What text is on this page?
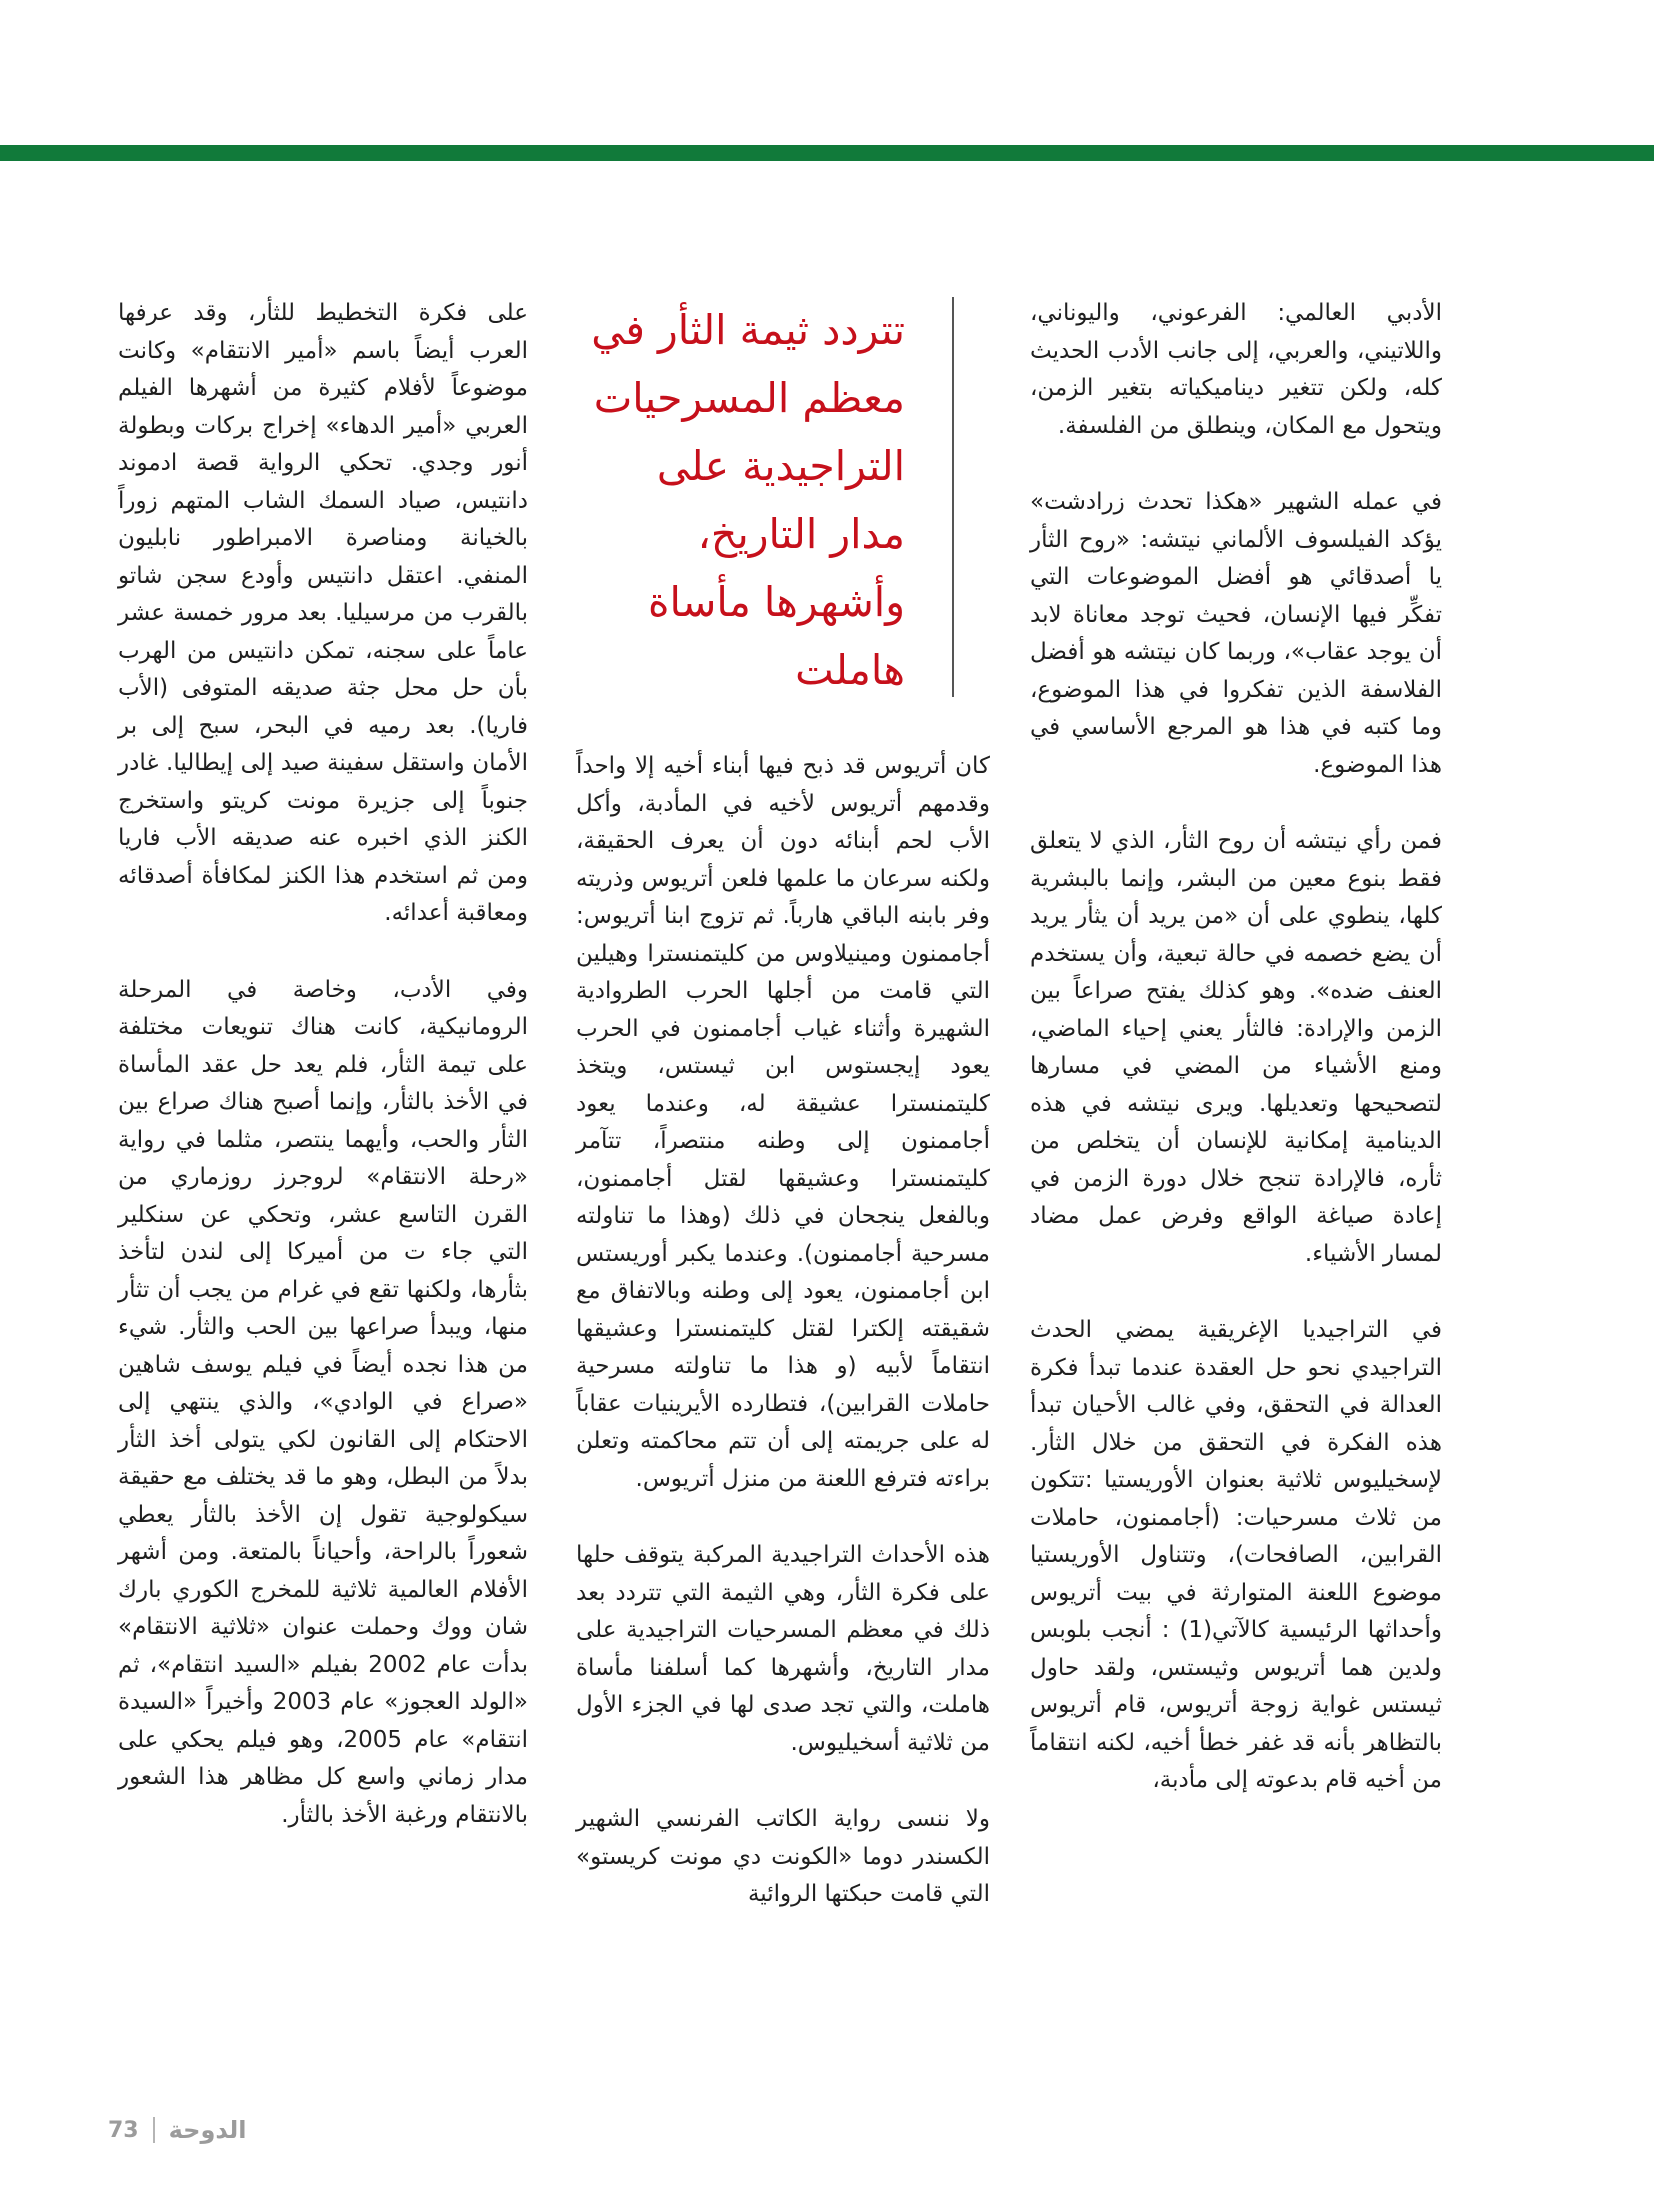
الأدبي العالمي: الفرعوني، واليوناني، واللاتيني، والعربي، إلى جانب الأدب الحديث كله، ولكن تتغير ديناميكياته بتغير الزمن، ويتحول مع المكان، وينطلق من الفلسفة.

في عمله الشهير «هكذا تحدث زرادشت» يؤكد الفيلسوف الألماني نيتشه: «روح الثأر يا أصدقائي هو أفضل الموضوعات التي تفكِّر فيها الإنسان، فحيث توجد معاناة لابد أن يوجد عقاب»، وربما كان نيتشه هو أفضل الفلاسفة الذين تفكروا في هذا الموضوع، وما كتبه في هذا هو المرجع الأساسي في هذا الموضوع.

فمن رأي نيتشه أن روح الثأر، الذي لا يتعلق فقط بنوع معين من البشر، وإنما بالبشرية كلها، ينطوي على أن «من يريد أن يثأر يريد أن يضع خصمه في حالة تبعية، وأن يستخدم العنف ضده». وهو كذلك يفتح صراعاً بين الزمن والإرادة: فالثأر يعني إحياء الماضي، ومنع الأشياء من المضي في مسارها لتصحيحها وتعديلها. ويرى نيتشه في هذه الدينامية إمكانية للإنسان أن يتخلص من ثأره، فالإرادة تنجح خلال دورة الزمن في إعادة صياغة الواقع وفرض عمل مضاد لمسار الأشياء.

في التراجيديا الإغريقية يمضي الحدث التراجيدي نحو حل العقدة عندما تبدأ فكرة العدالة في التحقق، وفي غالب الأحيان تبدأ هذه الفكرة في التحقق من خلال الثأر. لإسخيليوس ثلاثية بعنوان الأوريستيا :تتكون من ثلاث مسرحيات: (أجاممنون، حاملات القرابين، الصافحات)، وتتناول الأوريستيا موضوع اللعنة المتوارثة في بيت أتريوس وأحداثها الرئيسية كالآتي(1) : أنجب بلوبس ولدين هما أتريوس وثيستس، ولقد حاول ثيستس غواية زوجة أتريوس، قام أتريوس بالتظاهر بأنه قد غفر خطأ أخيه، لكنه انتقاماً من أخيه قام بدعوته إلى مأدبة،

تتردد ثيمة الثأر في معظم المسرحيات التراجيدية على مدار التاريخ، وأشهرها مأساة هاملت

كان أتريوس قد ذبح فيها أبناء أخيه إلا واحداً وقدمهم أتريوس لأخيه في المأدبة، وأكل الأب لحم أبنائه دون أن يعرف الحقيقة، ولكنه سرعان ما علمها فلعن أتريوس وذريته وفر بابنه الباقي هارباً. ثم تزوج ابنا أتريوس: أجاممنون ومينيلاوس من كليتمنسترا وهيلين التي قامت من أجلها الحرب الطروادية الشهيرة وأثناء غياب أجاممنون في الحرب يعود إيجستوس ابن ثيستس، ويتخذ كليتمنسترا عشيقة له، وعندما يعود أجاممنون إلى وطنه منتصراً، تتآمر كليتمنسترا وعشيقها لقتل أجاممنون، وبالفعل ينجحان في ذلك (وهذا ما تناولته مسرحية أجاممنون). وعندما يكبر أوريستس ابن أجاممنون، يعود إلى وطنه وبالاتفاق مع شقيقته إلكترا لقتل كليتمنسترا وعشيقها انتقاماً لأبيه (و هذا ما تناولته مسرحية حاملات القرابين)، فتطارده الأيرينيات عقاباً له على جريمته إلى أن تتم محاكمته وتعلن براءته فترفع اللعنة من منزل أتريوس.

هذه الأحداث التراجيدية المركبة يتوقف حلها على فكرة الثأر، وهي الثيمة التي تتردد بعد ذلك في معظم المسرحيات التراجيدية على مدار التاريخ، وأشهرها كما أسلفنا مأساة هاملت، والتي تجد صدى لها في الجزء الأول من ثلاثية أسخيليوس.

ولا ننسى رواية الكاتب الفرنسي الشهير الكسندر دوما «الكونت دي مونت كريستو» التي قامت حبكتها الروائية

على فكرة التخطيط للثأر، وقد عرفها العرب أيضاً باسم «أمير الانتقام» وكانت موضوعاً لأفلام كثيرة من أشهرها الفيلم العربي «أمير الدهاء» إخراج بركات وبطولة أنور وجدي. تحكي الرواية قصة ادموند دانتيس، صياد السمك الشاب المتهم زوراً بالخيانة ومناصرة الامبراطور نابليون المنفي. اعتقل دانتيس وأودع سجن شاتو بالقرب من مرسيليا. بعد مرور خمسة عشر عاماً على سجنه، تمكن دانتيس من الهرب بأن حل محل جثة صديقه المتوفى (الأب فاريا). بعد رميه في البحر، سبح إلى بر الأمان واستقل سفينة صيد إلى إيطاليا. غادر جنوباً إلى جزيرة مونت كريتو واستخرج الكنز الذي اخبره عنه صديقه الأب فاريا ومن ثم استخدم هذا الكنز لمكافأة أصدقائه ومعاقبة أعدائه.

وفي الأدب، وخاصة في المرحلة الرومانيكية، كانت هناك تنويعات مختلفة على تيمة الثأر، فلم يعد حل عقد المأساة في الأخذ بالثأر، وإنما أصبح هناك صراع بين الثأر والحب، وأيهما ينتصر، مثلما في رواية «رحلة الانتقام» لروجرز روزماري من القرن التاسع عشر، وتحكي عن سنكلير التي جاء ت من أميركا إلى لندن لتأخذ بثأرها، ولكنها تقع في غرام من يجب أن تثأر منها، ويبدأ صراعها بين الحب والثأر. شيء من هذا نجده أيضاً في فيلم يوسف شاهين «صراع في الوادي»، والذي ينتهي إلى الاحتكام إلى القانون لكي يتولى أخذ الثأر بدلاً من البطل، وهو ما قد يختلف مع حقيقة سيكولوجية تقول إن الأخذ بالثأر يعطي شعوراً بالراحة، وأحياناً بالمتعة. ومن أشهر الأفلام العالمية ثلاثية للمخرج الكوري بارك شان ووك وحملت عنوان «ثلاثية الانتقام» بدأت عام 2002 بفيلم «السيد انتقام»، ثم «الولد العجوز» عام 2003 وأخيراً «السيدة انتقام» عام 2005، وهو فيلم يحكي على مدار زماني واسع كل مظاهر هذا الشعور بالانتقام ورغبة الأخذ بالثأر.

73 الدوحة
